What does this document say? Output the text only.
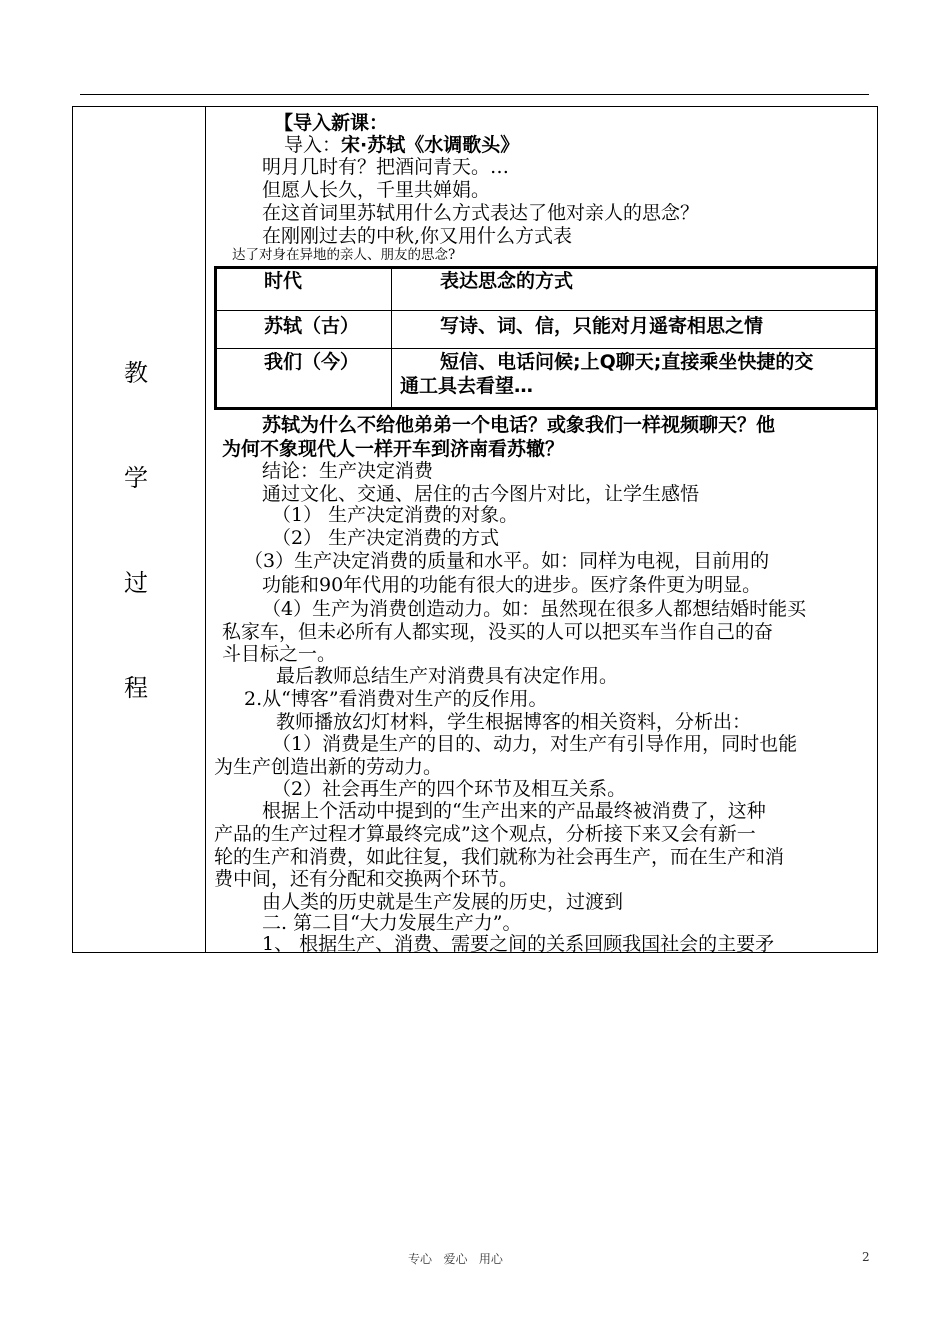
教
学
过
程
【导入新课：
导入：宋·苏轼《水调歌头》
明月几时有？把酒问青天。…
但愿人长久，千里共婵娟。
在这首词里苏轼用什么方式表达了他对亲人的思念？
在刚刚过去的中秋,你又用什么方式表
达了对身在异地的亲人、朋友的思念?
时代	表达思念的方式
苏轼（古）	写诗、词、信，只能对月遥寄相思之情
我们（今）	短信、电话问候;上Q聊天;直接乘坐快捷的交
通工具去看望…
苏轼为什么不给他弟弟一个电话？或象我们一样视频聊天？他
为何不象现代人一样开车到济南看苏辙？
结论：生产决定消费
通过文化、交通、居住的古今图片对比，让学生感悟
（1） 生产决定消费的对象。
（2） 生产决定消费的方式
（3）生产决定消费的质量和水平。如：同样为电视，目前用的
功能和90年代用的功能有很大的进步。医疗条件更为明显。
（4）生产为消费创造动力。如：虽然现在很多人都想结婚时能买
私家车，但未必所有人都实现，没买的人可以把买车当作自己的奋
斗目标之一。
最后教师总结生产对消费具有决定作用。
2.从“博客”看消费对生产的反作用。
教师播放幻灯材料，学生根据博客的相关资料，分析出：
（1）消费是生产的目的、动力，对生产有引导作用，同时也能
为生产创造出新的劳动力。
（2）社会再生产的四个环节及相互关系。
根据上个活动中提到的“生产出来的产品最终被消费了，这种
产品的生产过程才算最终完成”这个观点，分析接下来又会有新一
轮的生产和消费，如此往复，我们就称为社会再生产，而在生产和消
费中间，还有分配和交换两个环节。
由人类的历史就是生产发展的历史，过渡到
二. 第二目“大力发展生产力”。
1、 根据生产、消费、需要之间的关系回顾我国社会的主要矛
专心   爱心   用心	2
